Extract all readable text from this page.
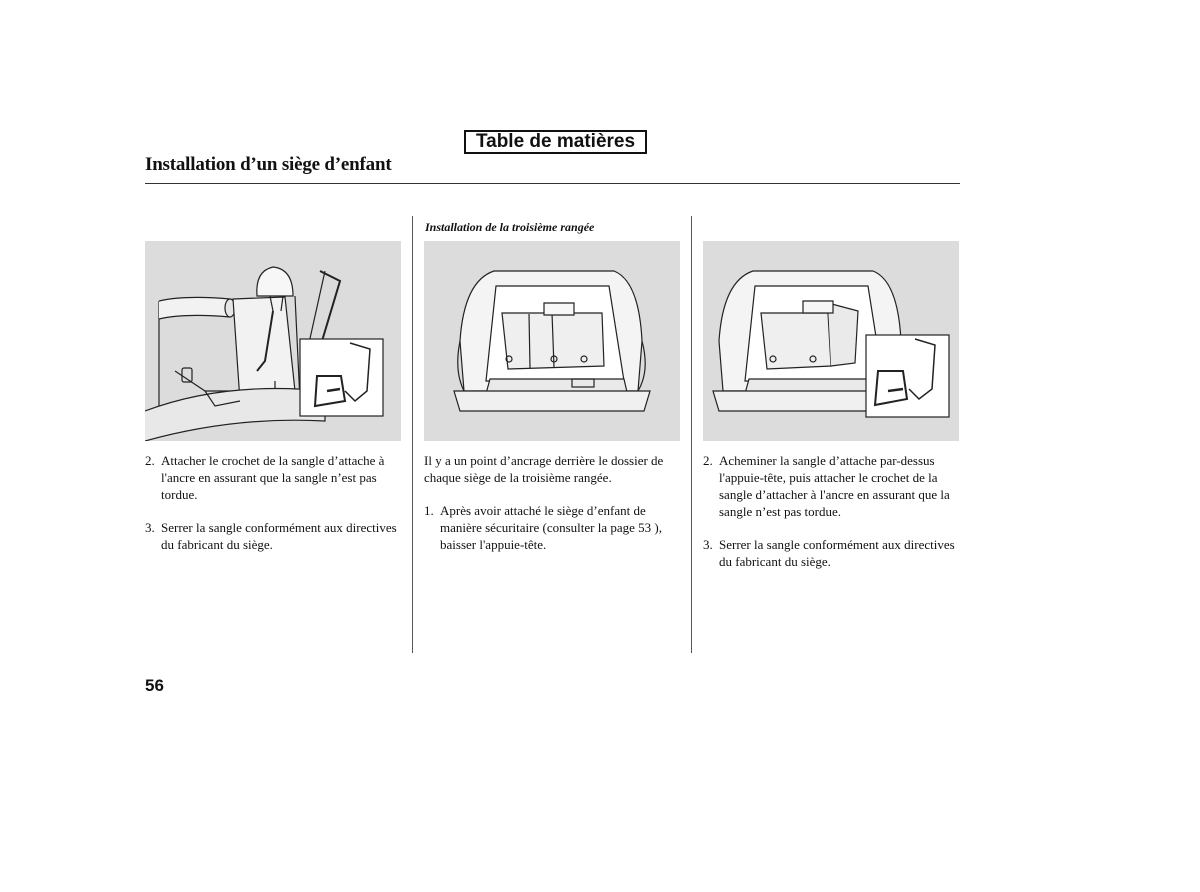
Table de matières
Installation d’un siège d’enfant
Installation de la troisième rangée
2. Attacher le crochet de la sangle d’attache à l'ancre en assurant que la sangle n’est pas tordue.
3. Serrer la sangle conformément aux directives du fabricant du siège.
Il y a un point d’ancrage derrière le dossier de chaque siège de la troisième rangée.
1. Après avoir attaché le siège d’enfant de manière sécuritaire (consulter la page 53 ), baisser l'appuie-tête.
2. Acheminer la sangle d’attache par-dessus l'appuie-tête, puis attacher le crochet de la sangle d’attacher à l'ancre en assurant que la sangle n’est pas tordue.
3. Serrer la sangle conformément aux directives du fabricant du siège.
56
